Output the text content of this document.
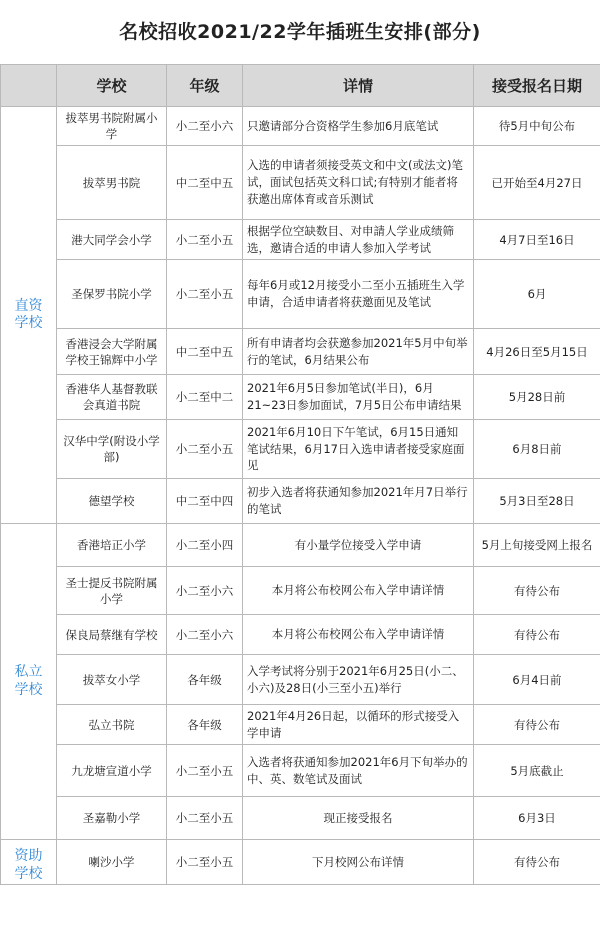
名校招收2021/22学年插班生安排(部分)
	学校	年级	详情	接受报名日期
直资学校	拔萃男书院附属小学	小二至小六	只邀请部分合资格学生参加6月底笔试	待5月中旬公布
	拔萃男书院	中二至中五	入选的申请者须接受英文和中文(或法文)笔试，面试包括英文科口试;有特别才能者将获邀出席体育或音乐测试	已开始至4月27日
	港大同学会小学	小二至小五	根据学位空缺数目、对申請人学业成绩筛选，邀请合适的申请人参加入学考试	4月7日至16日
	圣保罗书院小学	小二至小五	每年6月或12月接受小二至小五插班生入学申请，合适申请者将获邀面见及笔试	6月
	香港浸会大学附属学校王锦辉中小学	中二至中五	所有申请者均会获邀参加2021年5月中旬举行的笔试，6月结果公布	4月26日至5月15日
	香港华人基督教联会真道书院	小二至中二	2021年6月5日参加笔试(半日)，6月21~23日参加面试，7月5日公布申请结果	5月28日前
	汉华中学(附设小学部)	小二至小五	2021年6月10日下午笔试，6月15日通知笔试结果，6月17日入选申请者接受家庭面见	6月8日前
	德望学校	中二至中四	初步入选者将获通知参加2021年月7日举行的笔试	5月3日至28日
私立学校	香港培正小学	小二至小四	有小量学位接受入学申请	5月上旬接受网上报名
	圣士提反书院附属小学	小二至小六	本月将公布校网公布入学申请详情	有待公布
	保良局蔡继有学校	小二至小六	本月将公布校网公布入学申请详情	有待公布
	拔萃女小学	各年级	入学考试将分别于2021年6月25日(小二、小六)及28日(小三至小五)举行	6月4日前
	弘立书院	各年级	2021年4月26日起，以循环的形式接受入学申请	有待公布
	九龙塘宣道小学	小二至小五	入选者将获通知参加2021年6月下旬举办的中、英、数笔试及面试	5月底截止
	圣嘉勒小学	小二至小五	现正接受报名	6月3日
资助学校	喇沙小学	小二至小五	下月校网公布详情	有待公布
